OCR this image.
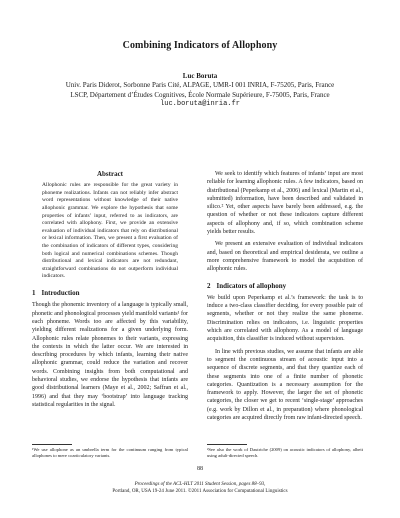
Combining Indicators of Allophony
Luc Boruta
Univ. Paris Diderot, Sorbonne Paris Cité, ALPAGE, UMR-I 001 INRIA, F-75205, Paris, France
LSCP, Département d’Études Cognitives, École Normale Supérieure, F-75005, Paris, France
luc.boruta@inria.fr
Abstract

Allophonic rules are responsible for the great variety in phoneme realizations. Infants can not reliably infer abstract word representations without knowledge of their native allophonic grammar. We explore the hypothesis that some properties of infants’ input, referred to as indicators, are correlated with allophony. First, we provide an extensive evaluation of individual indicators that rely on distributional or lexical information. Then, we present a first evaluation of the combination of indicators of different types, considering both logical and numerical combinations schemes. Though distributional and lexical indicators are not redundant, straightforward combinations do not outperform individual indicators.

1 Introduction

Though the phonemic inventory of a language is typically small, phonetic and phonological processes yield manifold variants¹ for each phoneme. Words too are affected by this variability, yielding different realizations for a given underlying form. Allophonic rules relate phonemes to their variants, expressing the contexts in which the latter occur. We are interested in describing procedures by which infants, learning their native allophonic grammar, could reduce the variation and recover words. Combining insights from both computational and behavioral studies, we endorse the hypothesis that infants are good distributional learners (Maye et al., 2002; Saffran et al., 1996) and that they may ‘bootstrap’ into language tracking statistical regularities in the signal.

We seek to identify which features of infants’ input are most reliable for learning allophonic rules. A few indicators, based on distributional (Peperkamp et al., 2006) and lexical (Martin et al., submitted) information, have been described and validated in silico.² Yet, other aspects have barely been addressed, e.g. the question of whether or not these indicators capture different aspects of allophony and, if so, which combination scheme yields better results.

We present an extensive evaluation of individual indicators and, based on theoretical and empirical desiderata, we outline a more comprehensive framework to model the acquisition of allophonic rules.

2 Indicators of allophony

We build upon Peperkamp et al.’s framework: the task is to induce a two-class classifier deciding, for every possible pair of segments, whether or not they realize the same phoneme. Discrimination relies on indicators, i.e. linguistic properties which are correlated with allophony. As a model of language acquisition, this classifier is induced without supervision.

In line with previous studies, we assume that infants are able to segment the continuous stream of acoustic input into a sequence of discrete segments, and that they quantize each of these segments into one of a finite number of phonetic categories. Quantization is a necessary assumption for the framework to apply. However, the larger the set of phonetic categories, the closer we get to recent ‘single-stage’ approaches (e.g. work by Dillon et al., in preparation) where phonological categories are acquired directly from raw infant-directed speech.

¹We use allophone as an umbrella term for the continuum ranging from typical allophones to mere coarticulatory variants.
²See also the work of Dautriche (2009) on acoustic indicators of allophony, albeit using adult-directed speech.
88
Proceedings of the ACL-HLT 2011 Student Session, pages 88–93,
Portland, OR, USA 19-24 June 2011. ©2011 Association for Computational Linguistics
